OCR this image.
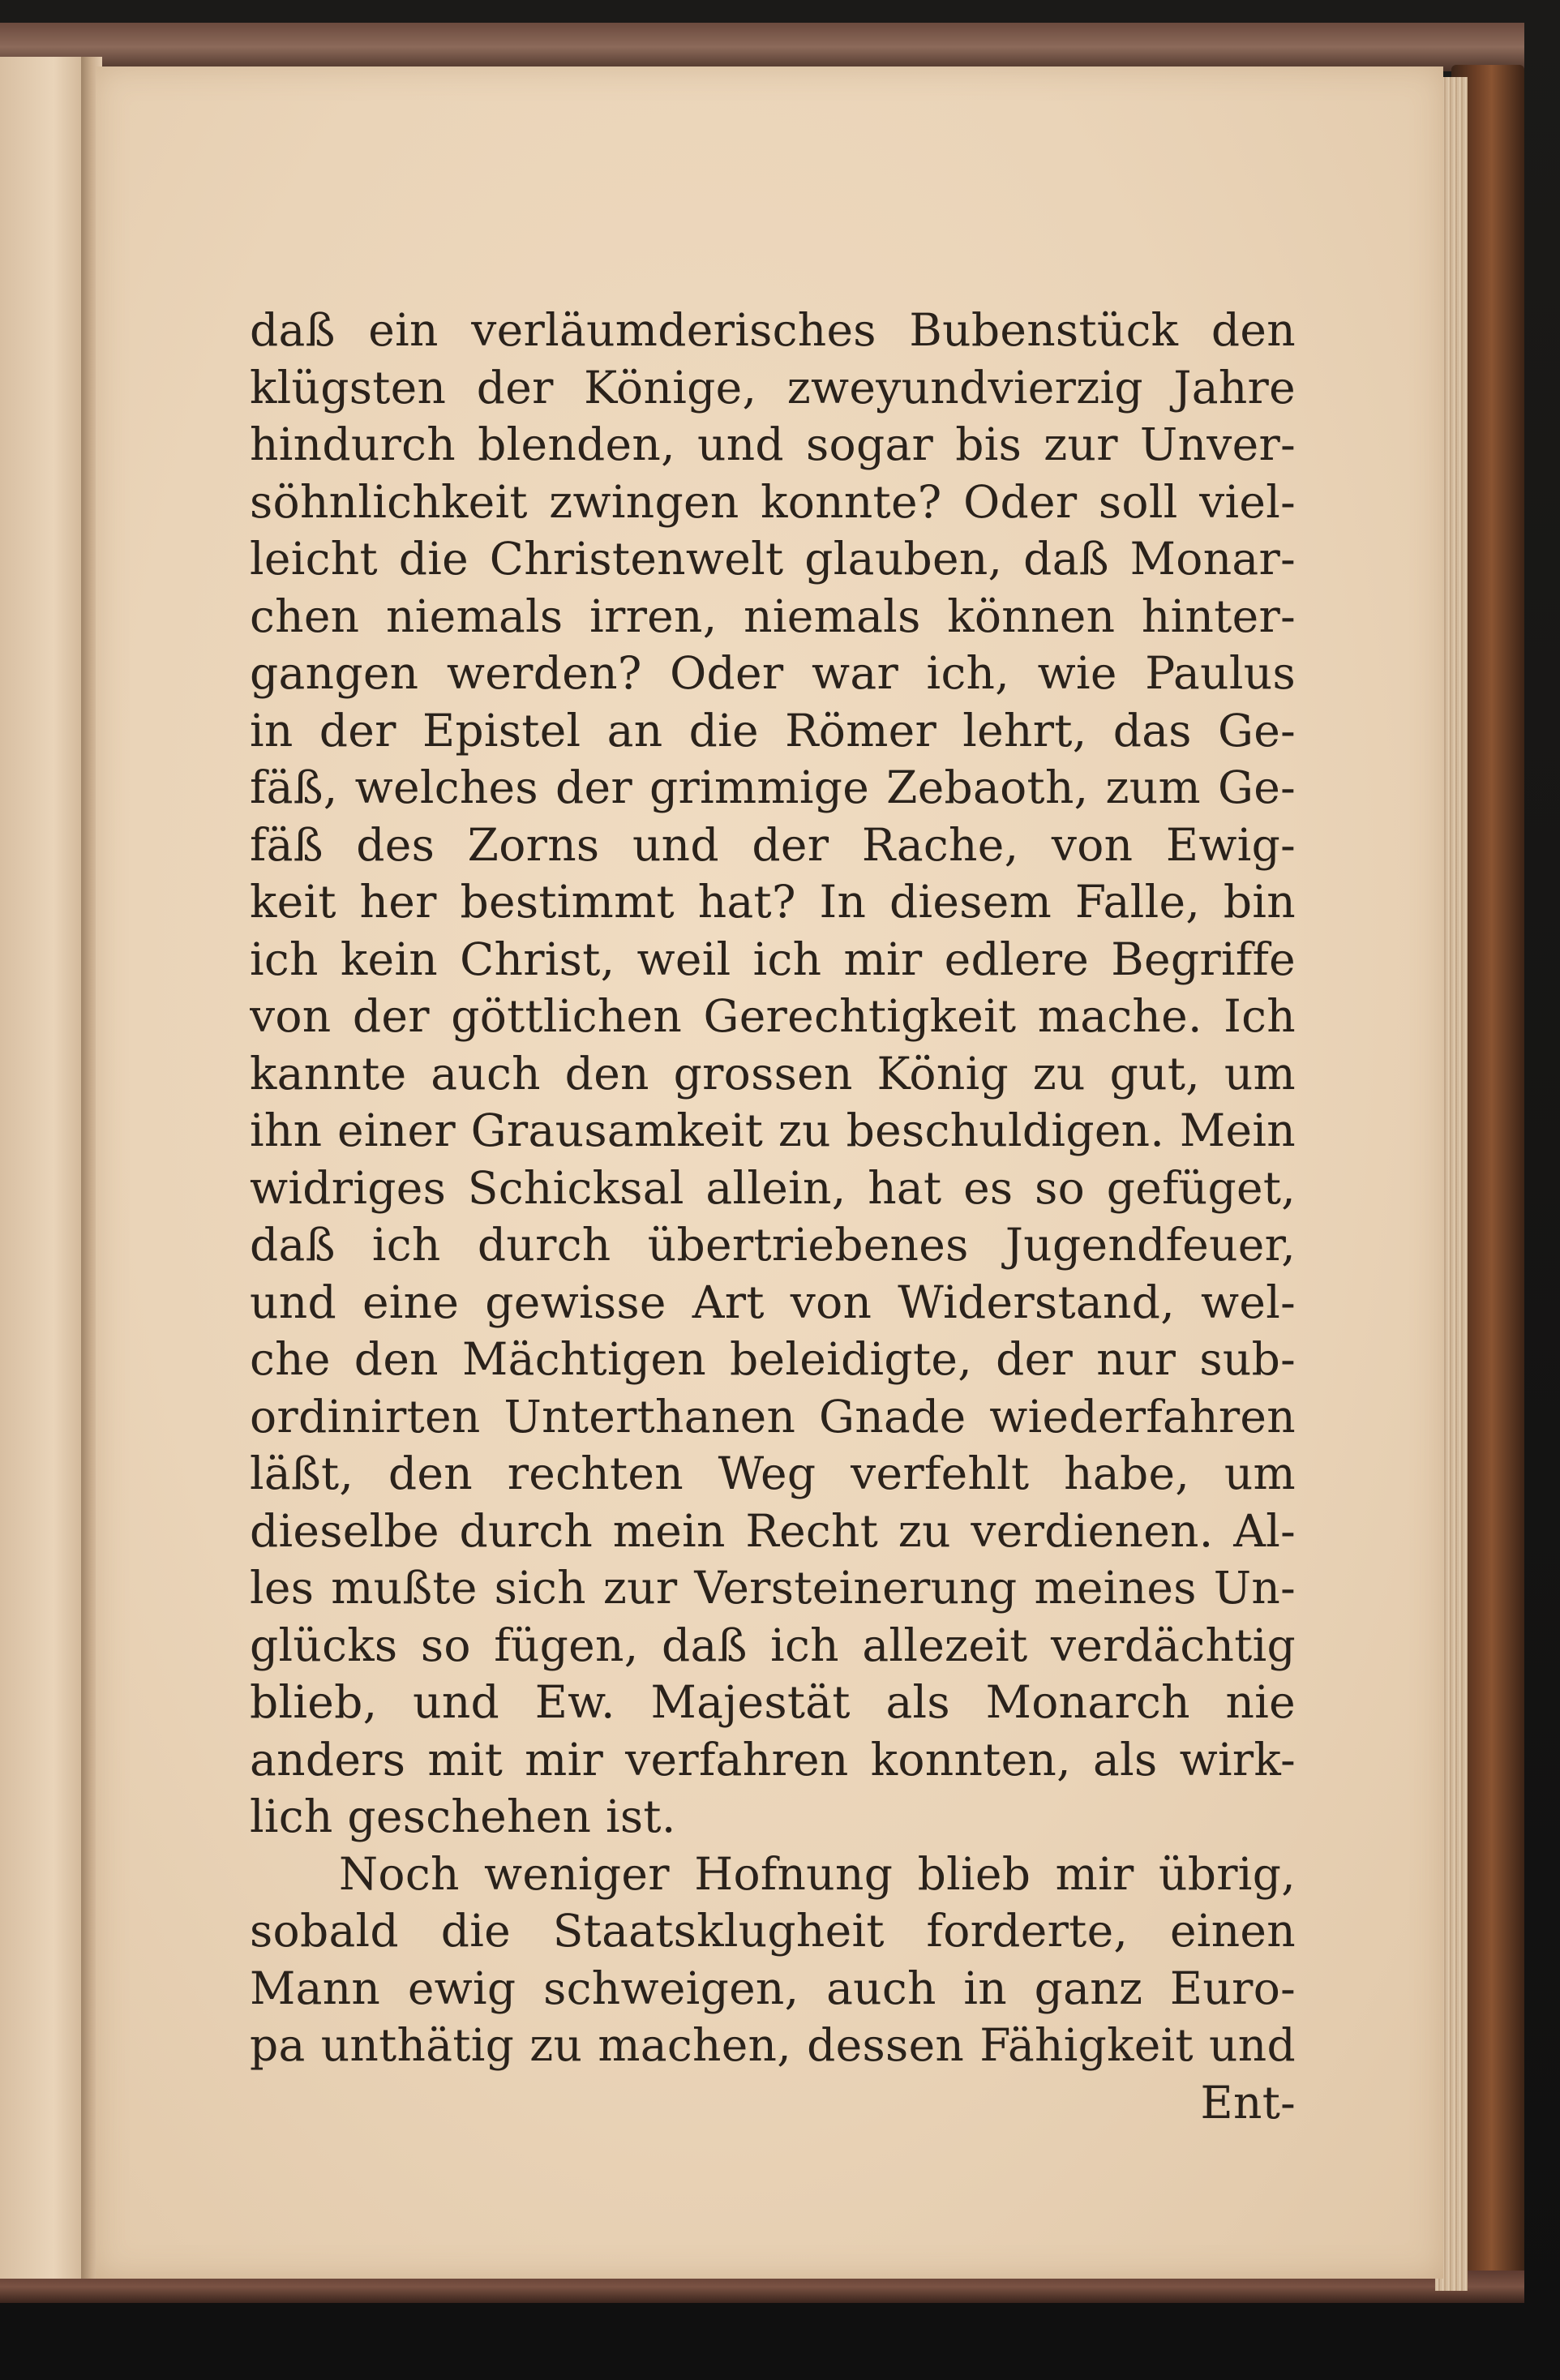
daß ein verläumderisches Bubenstück den
klügsten der Könige, zweyundvierzig Jahre
hindurch blenden, und sogar bis zur Unver-
söhnlichkeit zwingen konnte? Oder soll viel-
leicht die Christenwelt glauben, daß Monar-
chen niemals irren, niemals können hinter-
gangen werden? Oder war ich, wie Paulus
in der Epistel an die Römer lehrt, das Ge-
fäß, welches der grimmige Zebaoth, zum Ge-
fäß des Zorns und der Rache, von Ewig-
keit her bestimmt hat? In diesem Falle, bin
ich kein Christ, weil ich mir edlere Begriffe
von der göttlichen Gerechtigkeit mache. Ich
kannte auch den grossen König zu gut, um
ihn einer Grausamkeit zu beschuldigen. Mein
widriges Schicksal allein, hat es so gefüget,
daß ich durch übertriebenes Jugendfeuer,
und eine gewisse Art von Widerstand, wel-
che den Mächtigen beleidigte, der nur sub-
ordinirten Unterthanen Gnade wiederfahren
läßt, den rechten Weg verfehlt habe, um
dieselbe durch mein Recht zu verdienen. Al-
les mußte sich zur Versteinerung meines Un-
glücks so fügen, daß ich allezeit verdächtig
blieb, und Ew. Majestät als Monarch nie
anders mit mir verfahren konnten, als wirk-
lich geschehen ist.
Noch weniger Hofnung blieb mir übrig,
sobald die Staatsklugheit forderte, einen
Mann ewig schweigen, auch in ganz Euro-
pa unthätig zu machen, dessen Fähigkeit und
Ent-
